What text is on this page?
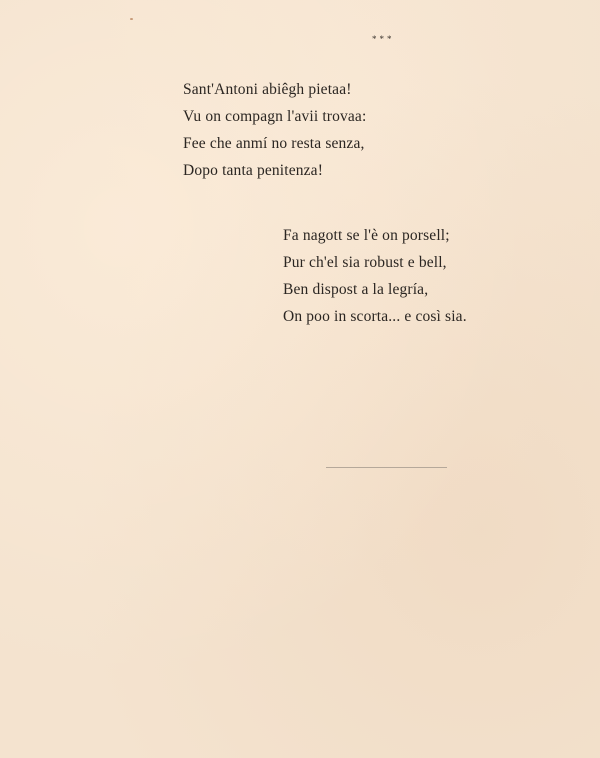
***
Sant'Antoni abiêgh pietaa!
Vu on compagn l'avii trovaa:
Fee che anmí no resta senza,
Dopo tanta penitenza!
Fa nagott se l'è on porsell;
Pur ch'el sia robust e bell,
Ben dispost a la legría,
On poo in scorta... e così sia.
